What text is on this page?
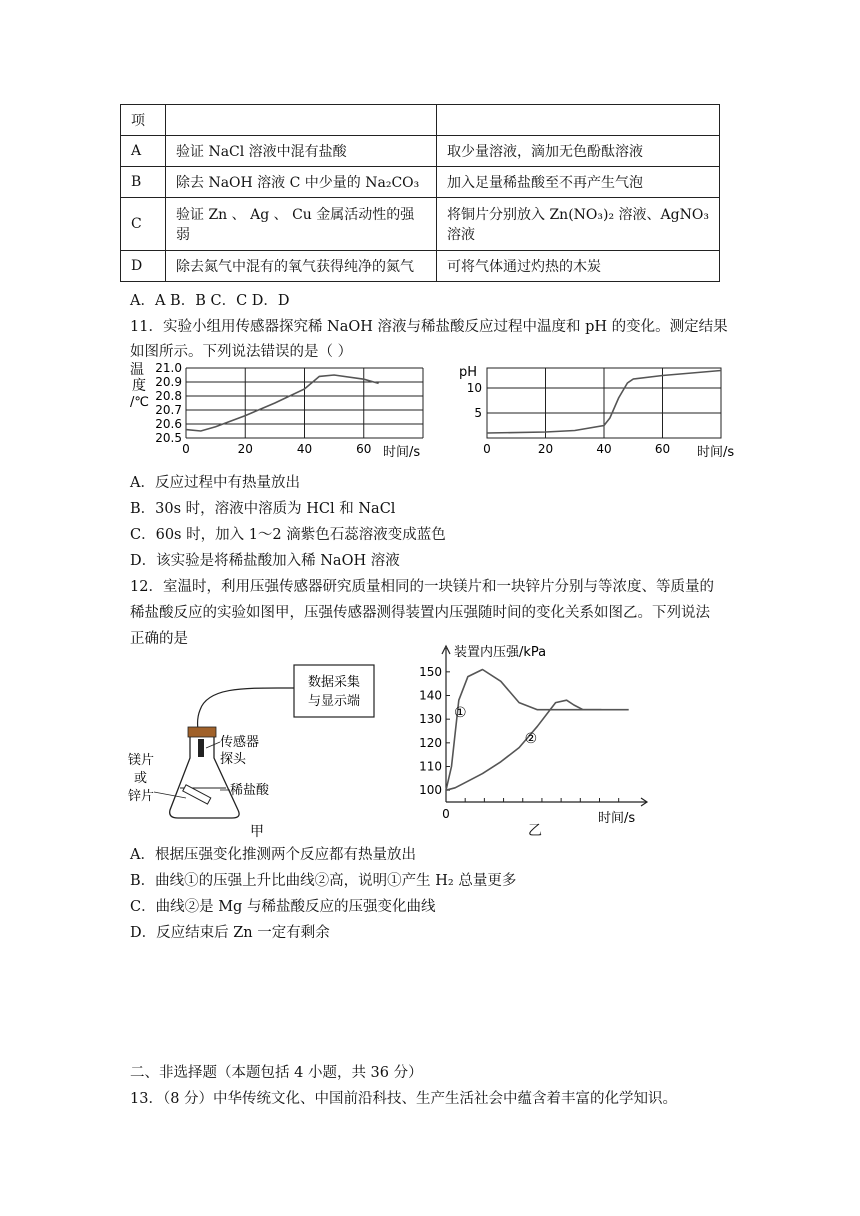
项		
A	验证 NaCl 溶液中混有盐酸	取少量溶液，滴加无色酚酞溶液
B	除去 NaOH 溶液 C 中少量的 Na₂CO₃	加入足量稀盐酸至不再产生气泡
C	验证 Zn 、 Ag 、 Cu 金属活动性的强弱	将铜片分别放入 Zn(NO₃)₂ 溶液、AgNO₃ 溶液
D	除去氮气中混有的氧气获得纯净的氮气	可将气体通过灼热的木炭
A．A B．B C．C D．D
11．实验小组用传感器探究稀 NaOH 溶液与稀盐酸反应过程中温度和 pH 的变化。测定结果
如图所示。下列说法错误的是（ ）
温
度
/℃
21.0
20.9
20.8
20.7
20.6
20.5
0	20	40	60 时间/s
pH
10
5
0	20	40	60 时间/s
A．反应过程中有热量放出
B．30s 时，溶液中溶质为 HCl 和 NaCl
C．60s 时，加入 1～2 滴紫色石蕊溶液变成蓝色
D．该实验是将稀盐酸加入稀 NaOH 溶液
12．室温时，利用压强传感器研究质量相同的一块镁片和一块锌片分别与等浓度、等质量的
稀盐酸反应的实验如图甲，压强传感器测得装置内压强随时间的变化关系如图乙。下列说法
正确的是
数据采集
与显示端
传感器
探头
稀盐酸
镁片
或
锌片
甲
装置内压强/kPa
150
140
130
120
110
100
0	时间/s
①
②
乙
A．根据压强变化推测两个反应都有热量放出
B．曲线①的压强上升比曲线②高，说明①产生 H₂ 总量更多
C．曲线②是 Mg 与稀盐酸反应的压强变化曲线
D．反应结束后 Zn 一定有剩余
二、非选择题（本题包括 4 小题，共 36 分）
13．（8 分）中华传统文化、中国前沿科技、生产生活社会中蕴含着丰富的化学知识。
